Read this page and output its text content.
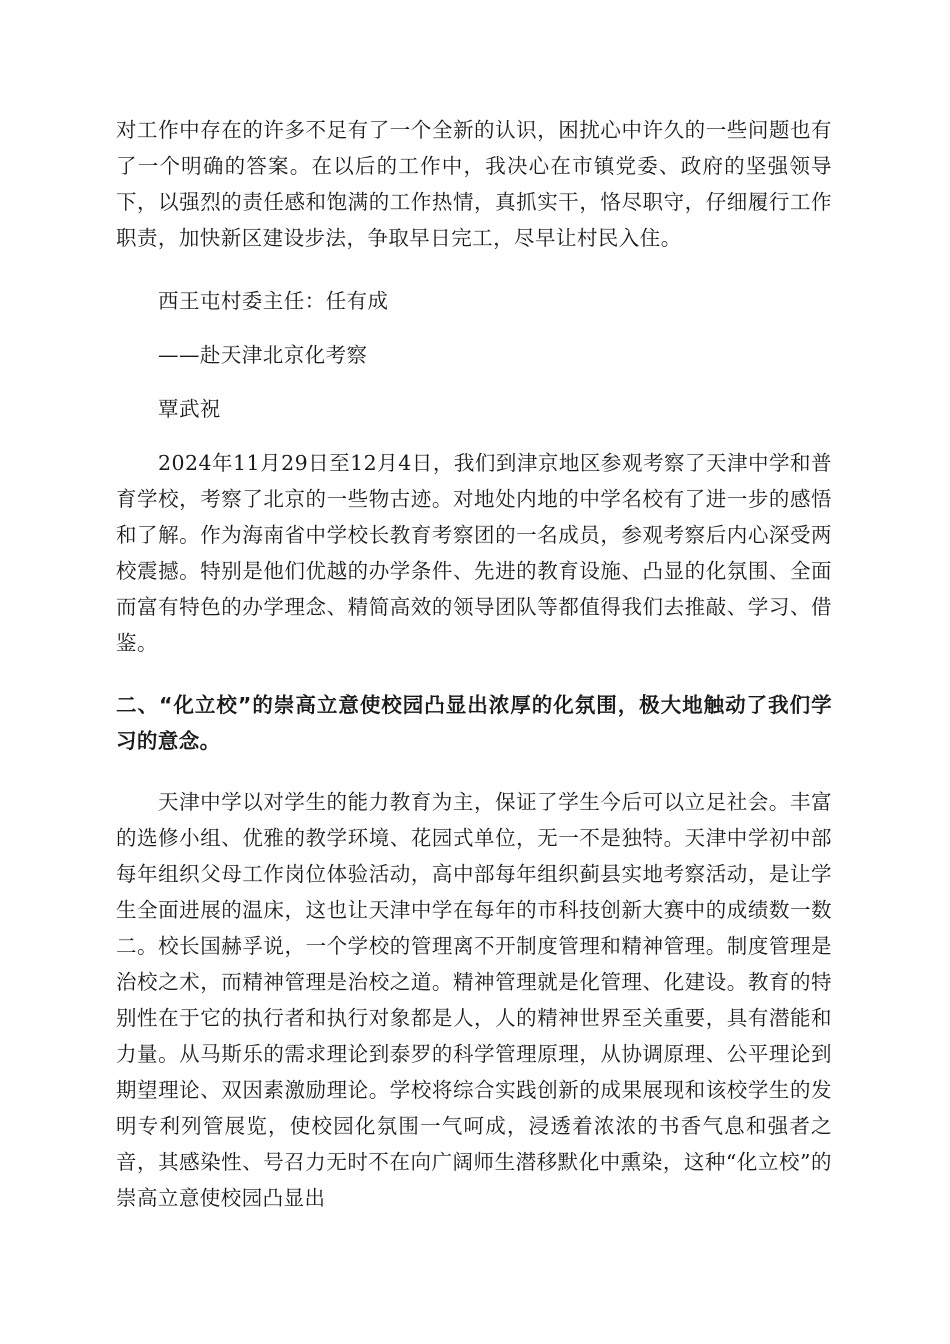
对工作中存在的许多不足有了一个全新的认识，困扰心中许久的一些问题也有了一个明确的答案。在以后的工作中，我决心在市镇党委、政府的坚强领导下，以强烈的责任感和饱满的工作热情，真抓实干，恪尽职守，仔细履行工作职责，加快新区建设步法，争取早日完工，尽早让村民入住。
西王屯村委主任：任有成
——赴天津北京化考察
覃武祝
2024年11月29日至12月4日，我们到津京地区参观考察了天津中学和普育学校，考察了北京的一些物古迹。对地处内地的中学名校有了进一步的感悟和了解。作为海南省中学校长教育考察团的一名成员，参观考察后内心深受两校震撼。特别是他们优越的办学条件、先进的教育设施、凸显的化氛围、全面而富有特色的办学理念、精简高效的领导团队等都值得我们去推敲、学习、借鉴。
二、“化立校”的崇高立意使校园凸显出浓厚的化氛围，极大地触动了我们学习的意念。
天津中学以对学生的能力教育为主，保证了学生今后可以立足社会。丰富的选修小组、优雅的教学环境、花园式单位，无一不是独特。天津中学初中部每年组织父母工作岗位体验活动，高中部每年组织蓟县实地考察活动，是让学生全面进展的温床，这也让天津中学在每年的市科技创新大赛中的成绩数一数二。校长国赫孚说，一个学校的管理离不开制度管理和精神管理。制度管理是治校之术，而精神管理是治校之道。精神管理就是化管理、化建设。教育的特别性在于它的执行者和执行对象都是人，人的精神世界至关重要，具有潜能和力量。从马斯乐的需求理论到泰罗的科学管理原理，从协调原理、公平理论到期望理论、双因素激励理论。学校将综合实践创新的成果展现和该校学生的发明专利列管展览，使校园化氛围一气呵成，浸透着浓浓的书香气息和强者之音，其感染性、号召力无时不在向广阔师生潜移默化中熏染，这种“化立校”的崇高立意使校园凸显出
